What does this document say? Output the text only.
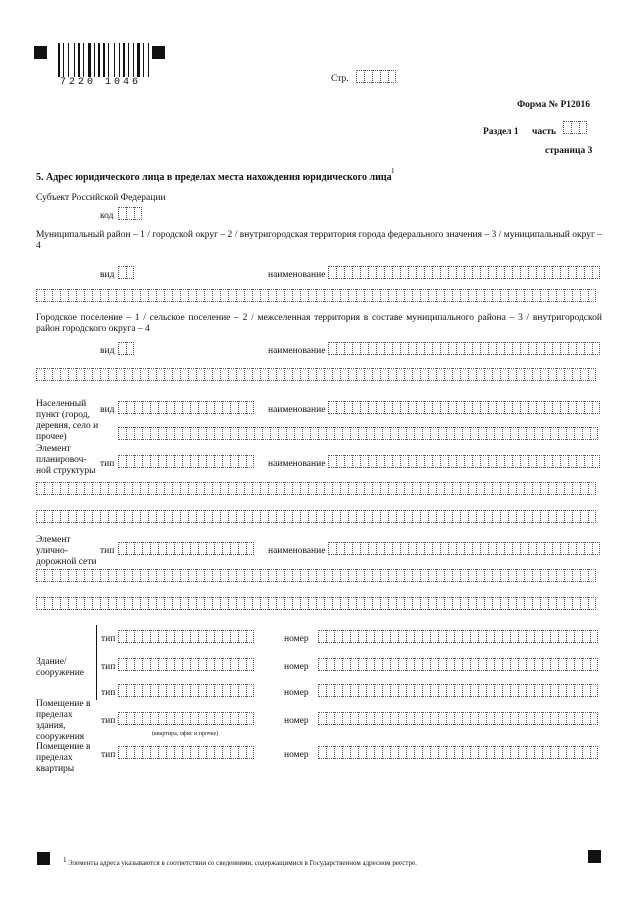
7220 1046	Стр.
Форма № Р12016
Раздел 1 часть
страница 3
5. Адрес юридического лица в пределах места нахождения юридического лица
1
Субъект Российской Федерации
код
Муниципальный район – 1 / городской округ – 2 / внутригородская территория города федерального значения – 3 / муниципальный округ – 4
вид	наименование
Городское поселение – 1 / сельское поселение – 2 / межселенная территория в составе муниципального района – 3 / внутригородской район городского округа – 4
вид	наименование
Населенный пункт (город, деревня, село и прочее)
вид	наименование
Элемент планировоч-ной структуры
тип	наименование
Элемент улично-дорожной сети
тип	наименование
Здание/ сооружение
тип	номер
тип	номер
тип	номер
Помещение в пределах здания, сооружения
тип	номер
(квартира, офис и прочее)
Помещение в пределах квартиры
тип	номер
1 Элементы адреса указываются в соответствии со сведениями, содержащимися в Государственном адресном реестре.
